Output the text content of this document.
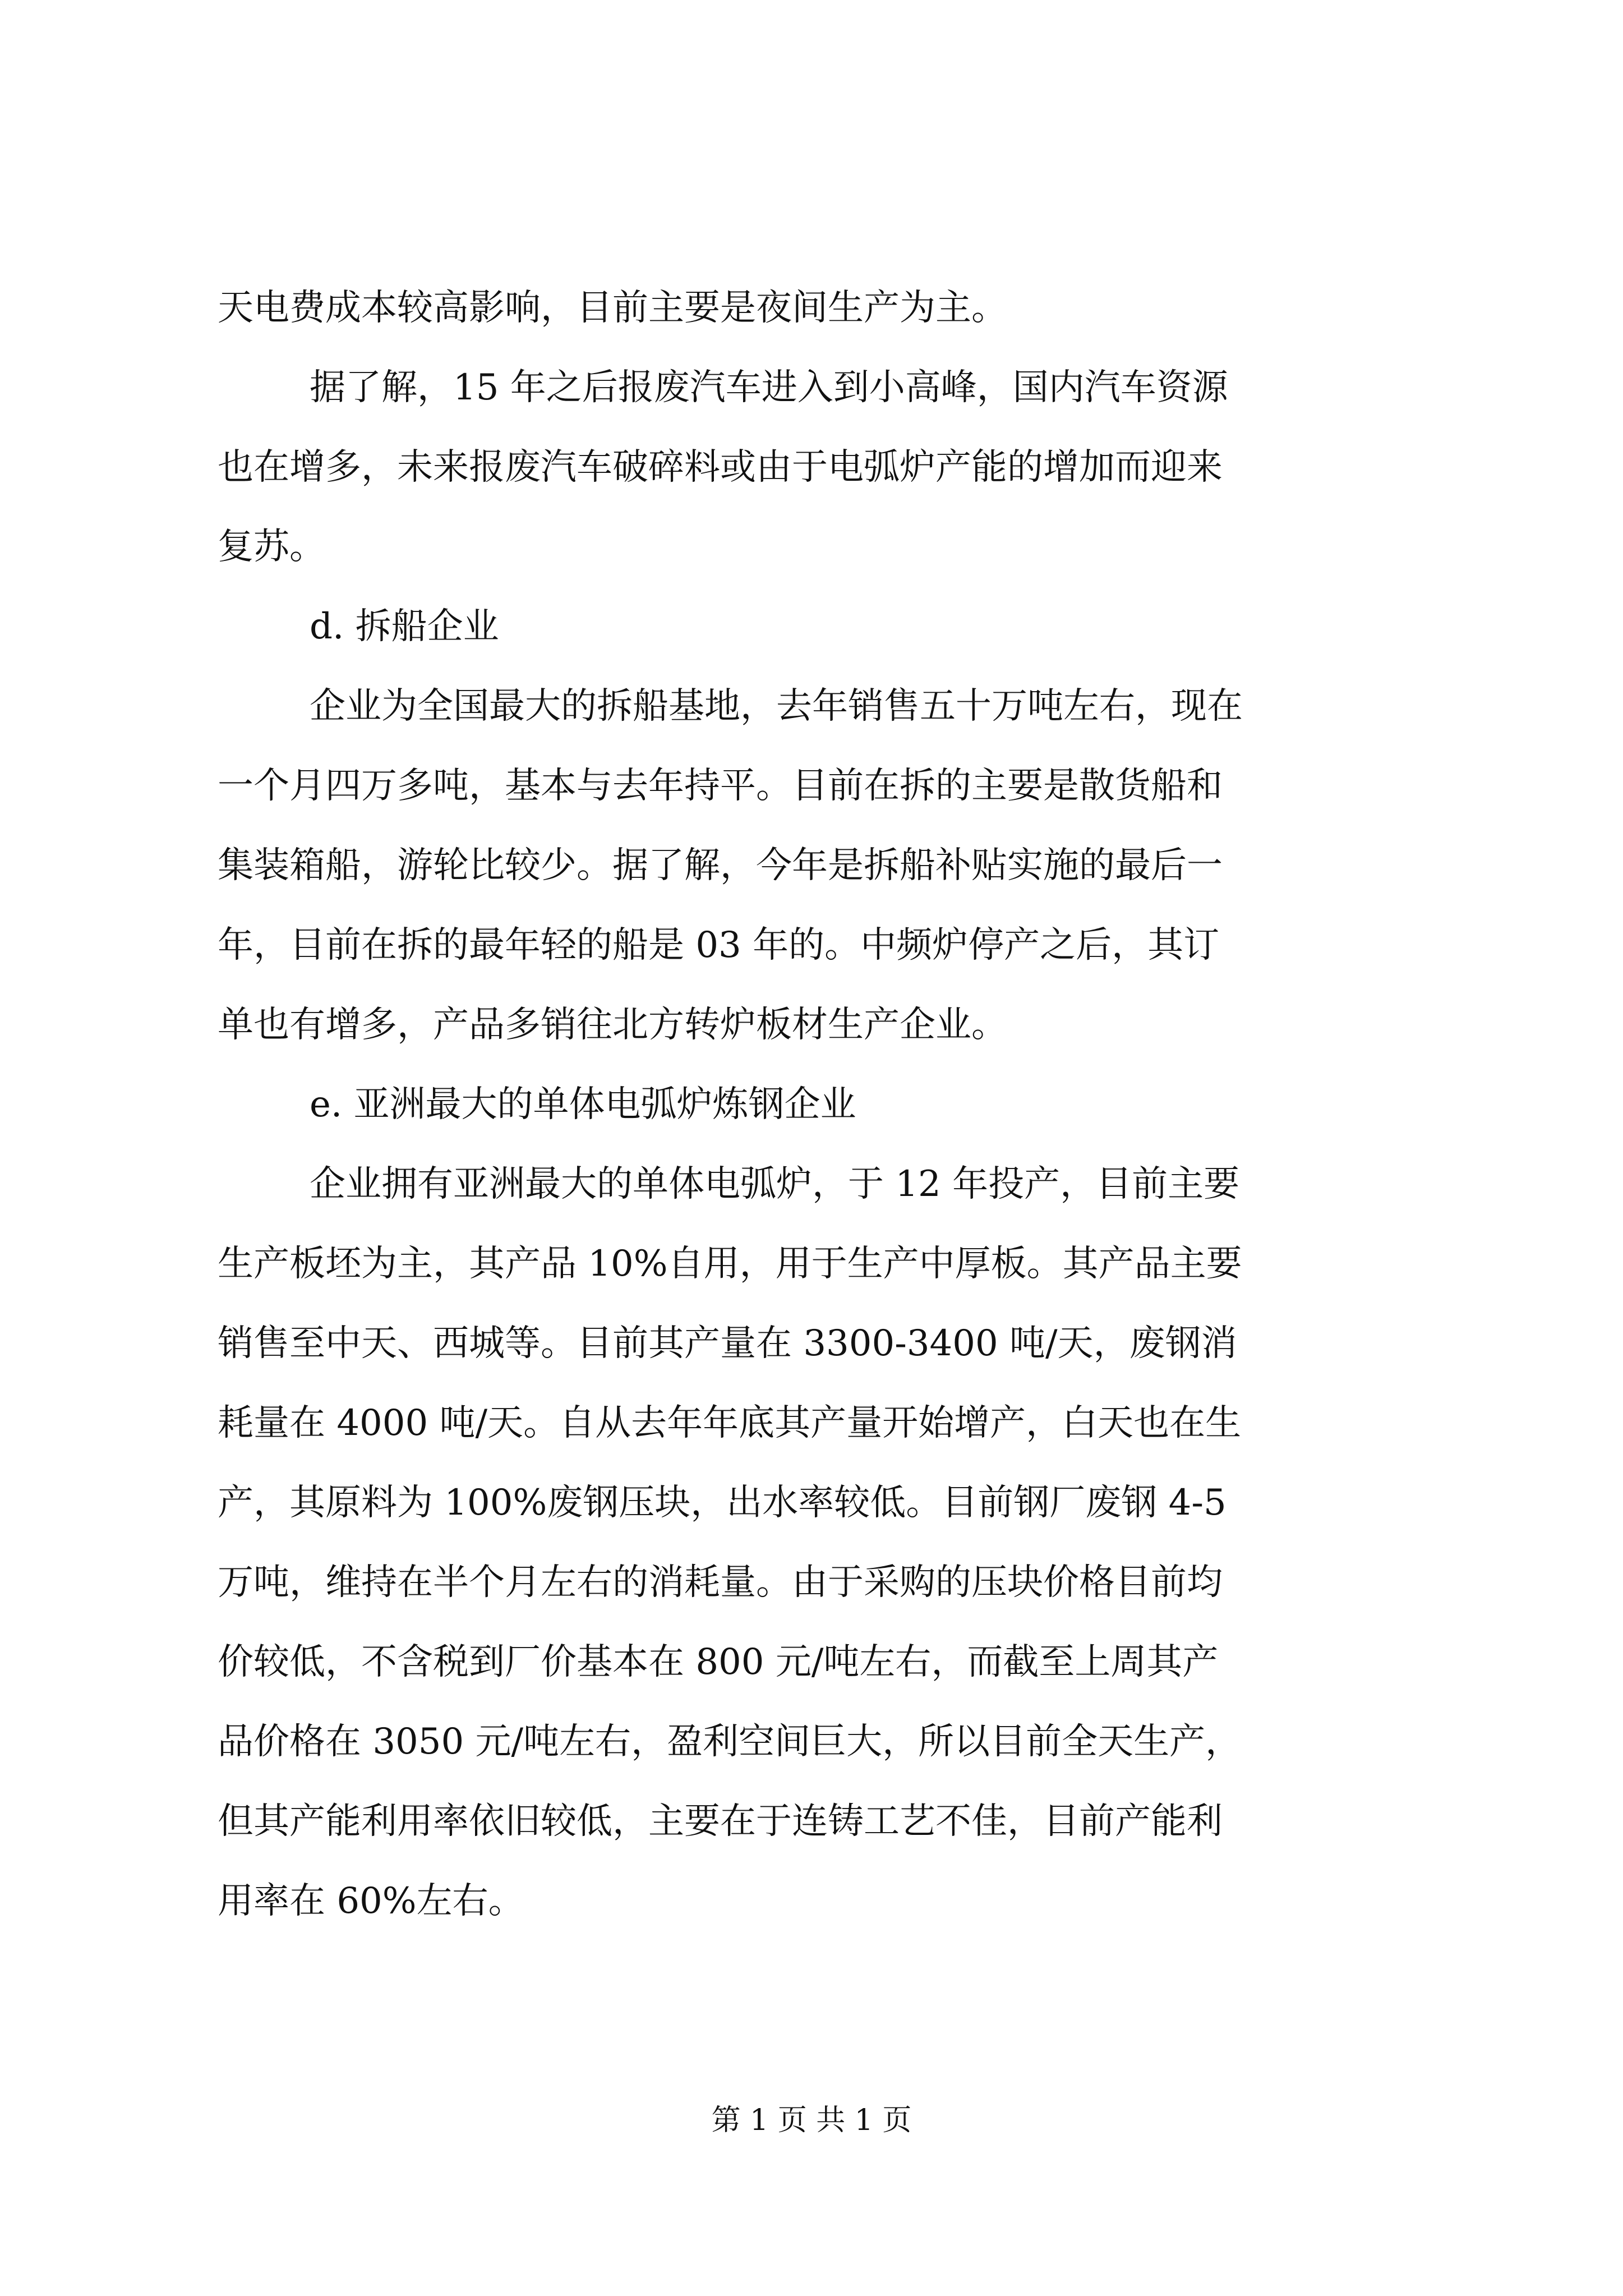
天电费成本较高影响，目前主要是夜间生产为主。
据了解，15 年之后报废汽车进入到小高峰，国内汽车资源
也在增多，未来报废汽车破碎料或由于电弧炉产能的增加而迎来
复苏。
d. 拆船企业
企业为全国最大的拆船基地，去年销售五十万吨左右，现在
一个月四万多吨，基本与去年持平。目前在拆的主要是散货船和
集装箱船，游轮比较少。据了解，今年是拆船补贴实施的最后一
年，目前在拆的最年轻的船是 03 年的。中频炉停产之后，其订
单也有增多，产品多销往北方转炉板材生产企业。
e. 亚洲最大的单体电弧炉炼钢企业
企业拥有亚洲最大的单体电弧炉，于 12 年投产，目前主要
生产板坯为主，其产品 10%自用，用于生产中厚板。其产品主要
销售至中天、西城等。目前其产量在 3300-3400 吨/天，废钢消
耗量在 4000 吨/天。自从去年年底其产量开始增产，白天也在生
产，其原料为 100%废钢压块，出水率较低。目前钢厂废钢 4-5
万吨，维持在半个月左右的消耗量。由于采购的压块价格目前均
价较低，不含税到厂价基本在 800 元/吨左右，而截至上周其产
品价格在 3050 元/吨左右，盈利空间巨大，所以目前全天生产，
但其产能利用率依旧较低，主要在于连铸工艺不佳，目前产能利
用率在 60%左右。
第 1 页 共 1 页
